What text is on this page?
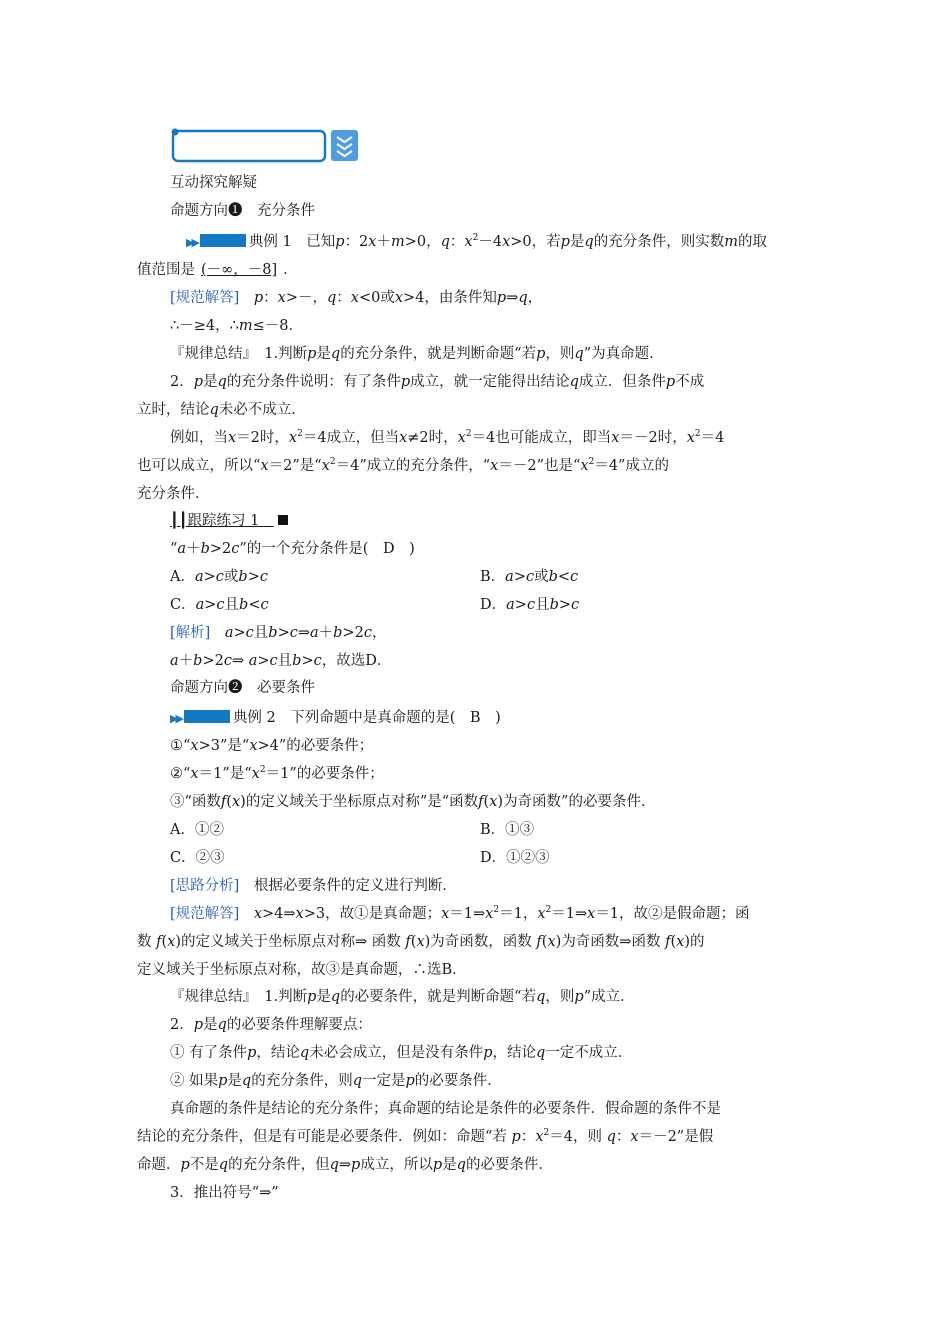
互动探究解疑
命题方向❶　 充分条件
▶▶	典例 1　 已知p：2x＋m>0，q：$x^2-4x>0$，若p是q的充分条件，则实数m的取
值范围是 (－∞，－8] ．
[规范解答]　 p：x>－，q：x<0或x>4，由条件知p⇒q，
∴－≥4，∴m≤－8．
『规律总结』　 1.判断p是q的充分条件，就是判断命题“若p，则q”为真命题．
2．p是q的充分条件说明：有了条件p成立，就一定能得出结论q成立．但条件p不成
立时，结论q未必不成立．
例如，当x＝2时，$x^2=4$成立，但当x≠2时，$x^2=4$也可能成立，即当x＝－2时，$x^2=4$
也可以成立，所以“x＝2”是“$x^2=4$”成立的充分条件，“x＝－2”也是“$x^2=4$”成立的
充分条件．
┃┃跟踪练习 1　
“a＋b>2c”的一个充分条件是(　 D　 )
A．a>c或b>c	B．a>c或b<c
C．a>c且b<c	D．a>c且b>c
[解析]　 a>c且b>c⇒a＋b>2c，
a＋b>2c⇒ a>c且b>c，故选D．
命题方向❷　 必要条件
▶▶	典例 2　 下列命题中是真命题的是(　 B　 )
①“x>3”是“x>4”的必要条件；
②“x＝1”是“$x^2=1$”的必要条件；
③“函数f(x)的定义域关于坐标原点对称”是“函数f(x)为奇函数”的必要条件．
A．①②	B．①③
C．②③	D．①②③
[思路分析]　 根据必要条件的定义进行判断．
[规范解答]　 x>4⇒x>3，故①是真命题；$x=1\Rightarrow x^2=1$，$x^2=1\Rightarrow x=1$，故②是假命题；函
数 f(x)的定义域关于坐标原点对称⇒ 函数 f(x)为奇函数，函数 f(x)为奇函数⇒函数 f(x)的
定义域关于坐标原点对称，故③是真命题，∴选B．
『规律总结』　 1.判断p是q的必要条件，就是判断命题“若q，则p”成立．
2．p是q的必要条件理解要点：
① 有了条件p，结论q未必会成立，但是没有条件p，结论q一定不成立．
② 如果p是q的充分条件，则q一定是p的必要条件．
真命题的条件是结论的充分条件；真命题的结论是条件的必要条件．假命题的条件不是
结论的充分条件，但是有可能是必要条件．例如：命题“若 p：$x^2=4$，则 q：x＝－2”是假
命题．p不是q的充分条件，但q⇒p成立，所以p是q的必要条件．
3．推出符号“⇒”
